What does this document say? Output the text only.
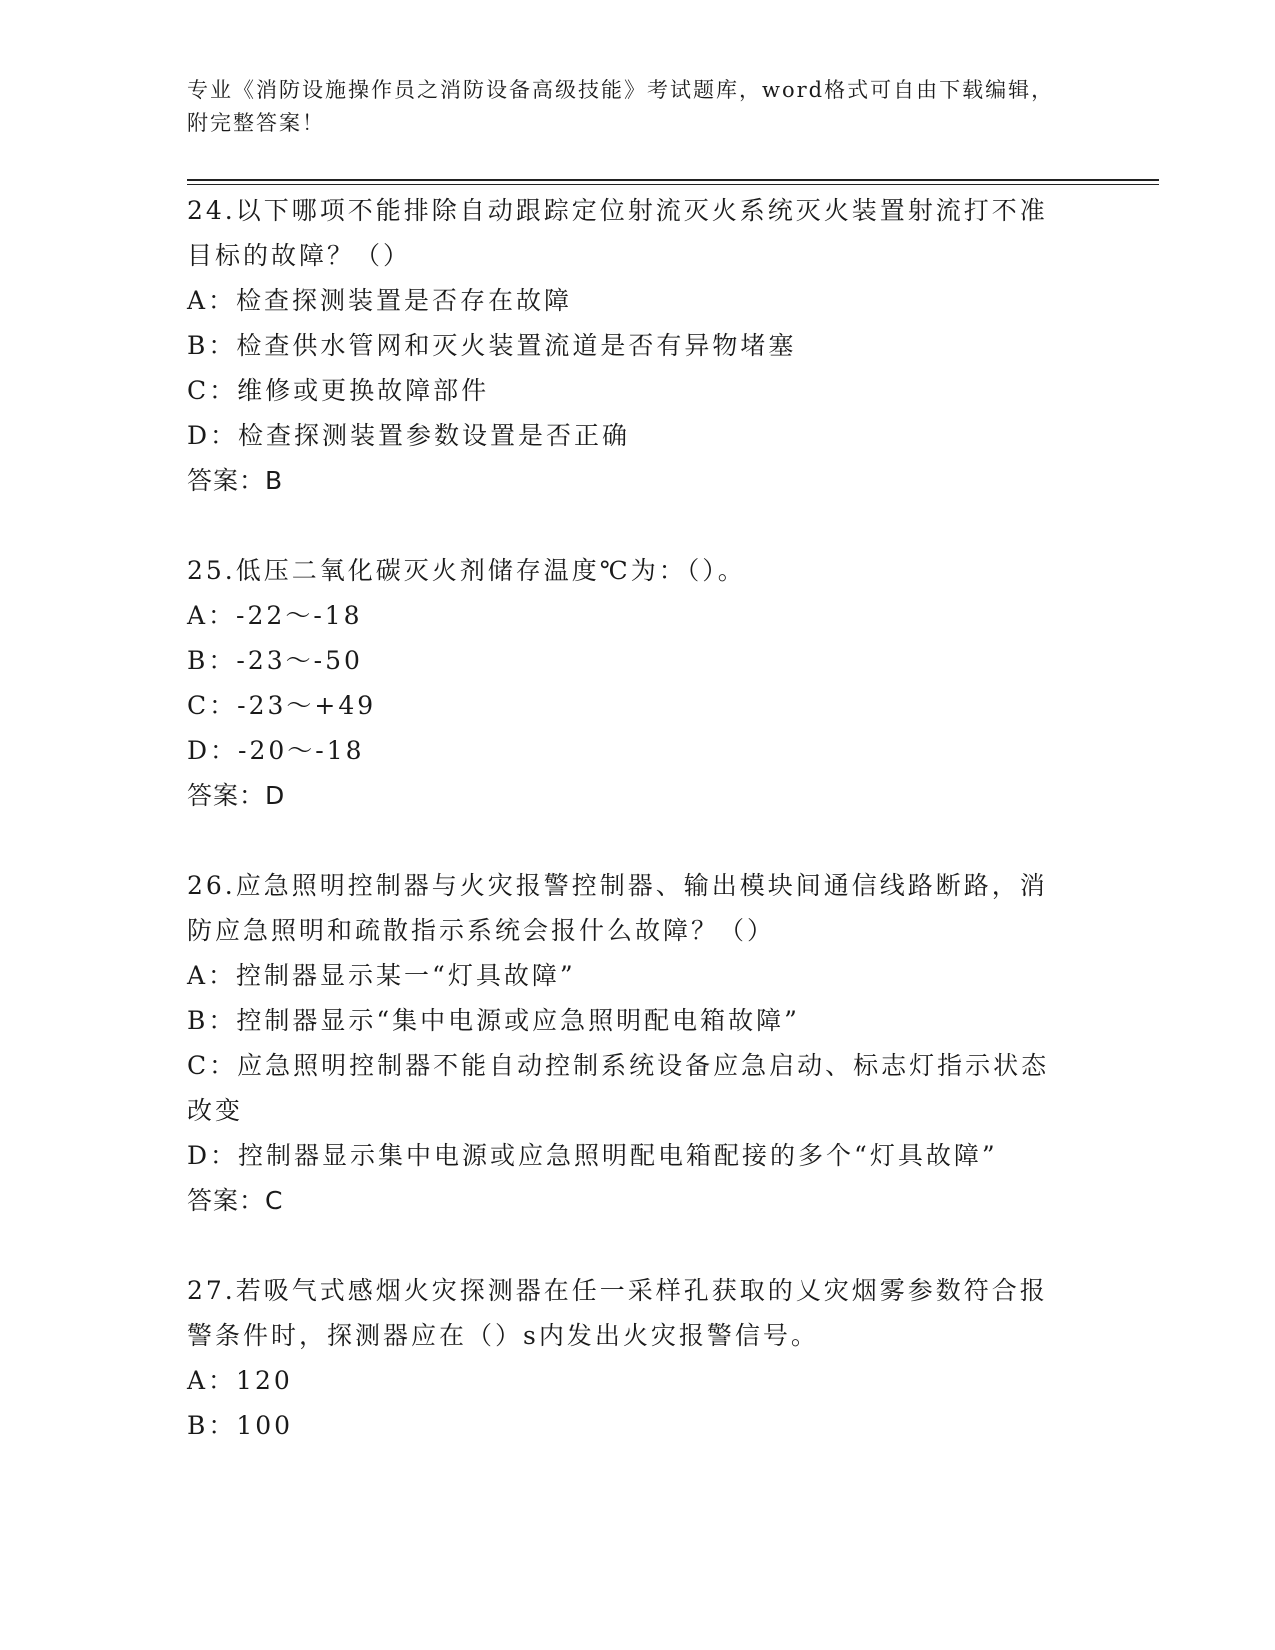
专业《消防设施操作员之消防设备高级技能》考试题库，word格式可自由下载编辑，附完整答案！
24.以下哪项不能排除自动跟踪定位射流灭火系统灭火装置射流打不准目标的故障？（）
A：检查探测装置是否存在故障
B：检查供水管网和灭火装置流道是否有异物堵塞
C：维修或更换故障部件
D：检查探测装置参数设置是否正确
答案：B
25.低压二氧化碳灭火剂储存温度℃为：（）。
A：-22～-18
B：-23～-50
C：-23～+49
D：-20～-18
答案：D
26.应急照明控制器与火灾报警控制器、输出模块间通信线路断路，消防应急照明和疏散指示系统会报什么故障？（）
A：控制器显示某一“灯具故障”
B：控制器显示“集中电源或应急照明配电箱故障”
C：应急照明控制器不能自动控制系统设备应急启动、标志灯指示状态改变
D：控制器显示集中电源或应急照明配电箱配接的多个“灯具故障”
答案：C
27.若吸气式感烟火灾探测器在任一采样孔获取的乂灾烟雾参数符合报警条件时，探测器应在（）s内发出火灾报警信号。
A：120
B：100
